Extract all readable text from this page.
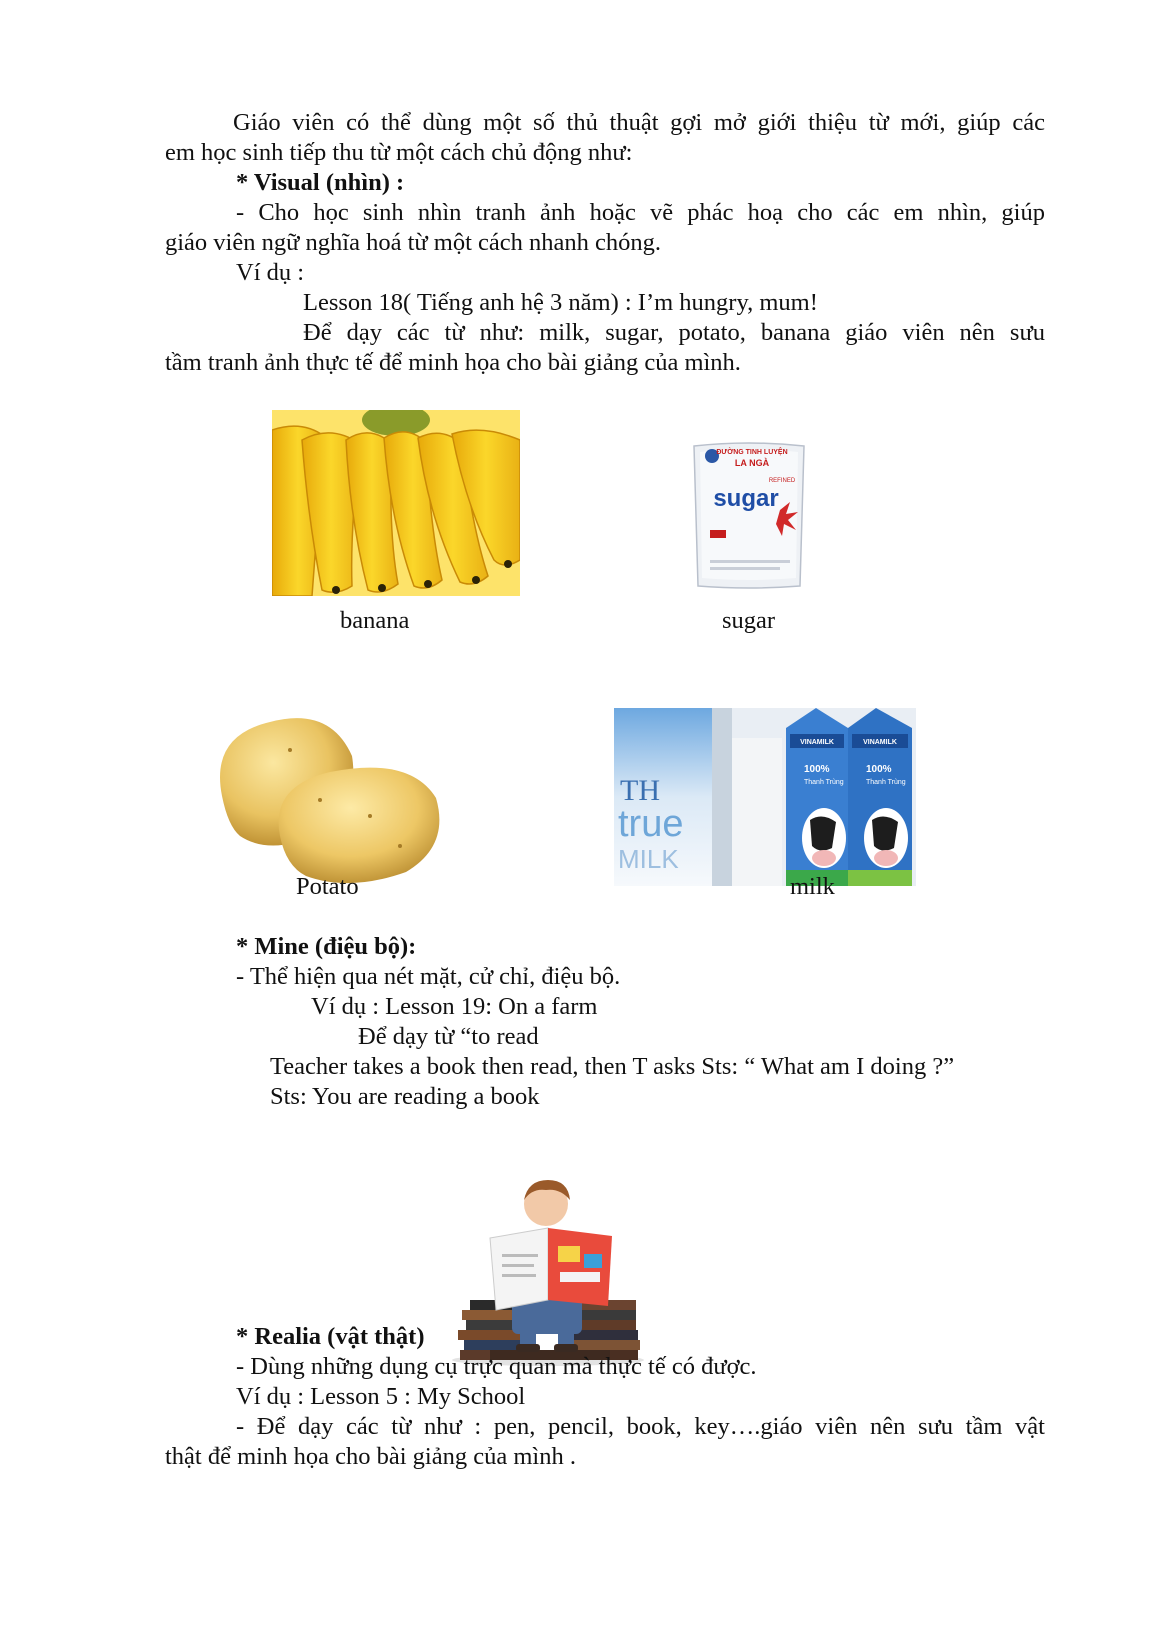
Giáo viên có thể dùng một số thủ thuật gợi mở giới thiệu từ mới, giúp các
em học sinh tiếp thu từ một cách chủ động như:
* Visual (nhìn) :
- Cho học sinh nhìn tranh ảnh hoặc vẽ phác hoạ cho các em nhìn, giúp
giáo viên ngữ nghĩa hoá từ một cách nhanh chóng.
Ví dụ :
Lesson 18( Tiếng anh hệ 3 năm) : I’m hungry, mum!
Để dạy các từ như: milk, sugar, potato, banana giáo viên nên sưu
tầm tranh ảnh thực tế để minh họa cho bài giảng của mình.
ĐƯỜNG TINH LUYỆN
LA NGÀ
REFINED
sugar
banana	sugar
TH
true
MILK
VINAMILK	VINAMILK
100%	100%
Thanh Trùng	Thanh Trùng
Potato	milk
* Mine (điệu bộ):
- Thể hiện qua nét mặt, cử chỉ, điệu bộ.
Ví dụ : Lesson 19: On a farm
Để dạy từ “to read
Teacher takes a book then read, then T asks Sts: “ What am I doing ?”
Sts: You are reading a book
* Realia (vật thật)
- Dùng những dụng cụ trực quan mà thực tế có được.
Ví dụ : Lesson 5 : My School
- Để dạy các từ như : pen, pencil, book, key….giáo viên nên sưu tầm vật
thật để minh họa cho bài giảng của mình .
